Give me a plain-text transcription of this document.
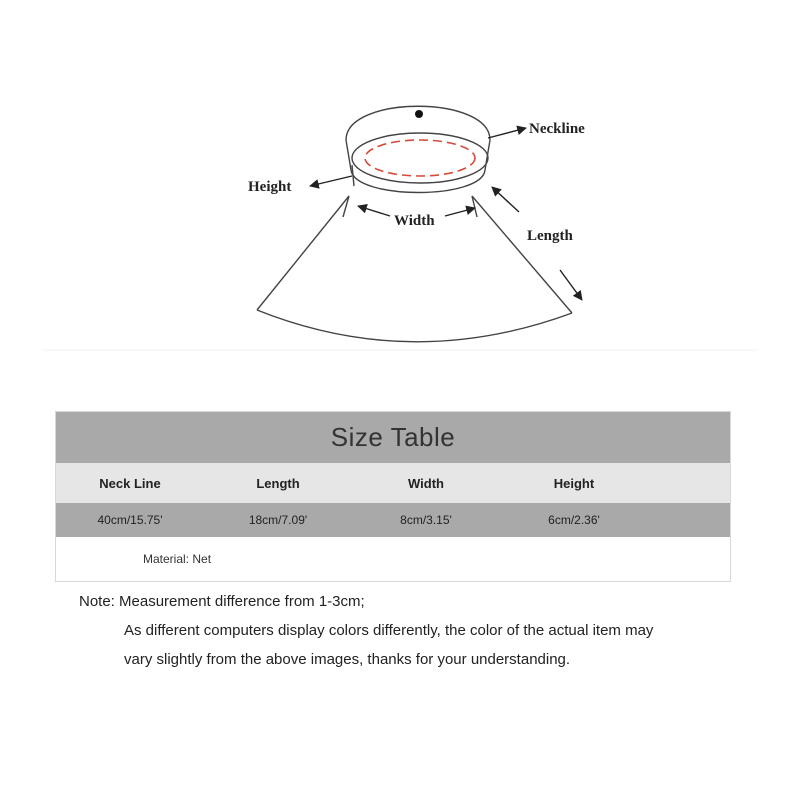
Neckline
Height
Width
Length
Size Table
Neck Line	Length	Width	Height
40cm/15.75'	18cm/7.09'	8cm/3.15'	6cm/2.36'
Material: Net
Note: Measurement difference from 1-3cm;
As different computers display colors differently, the color of the actual item may
vary slightly from the above images, thanks for your understanding.
